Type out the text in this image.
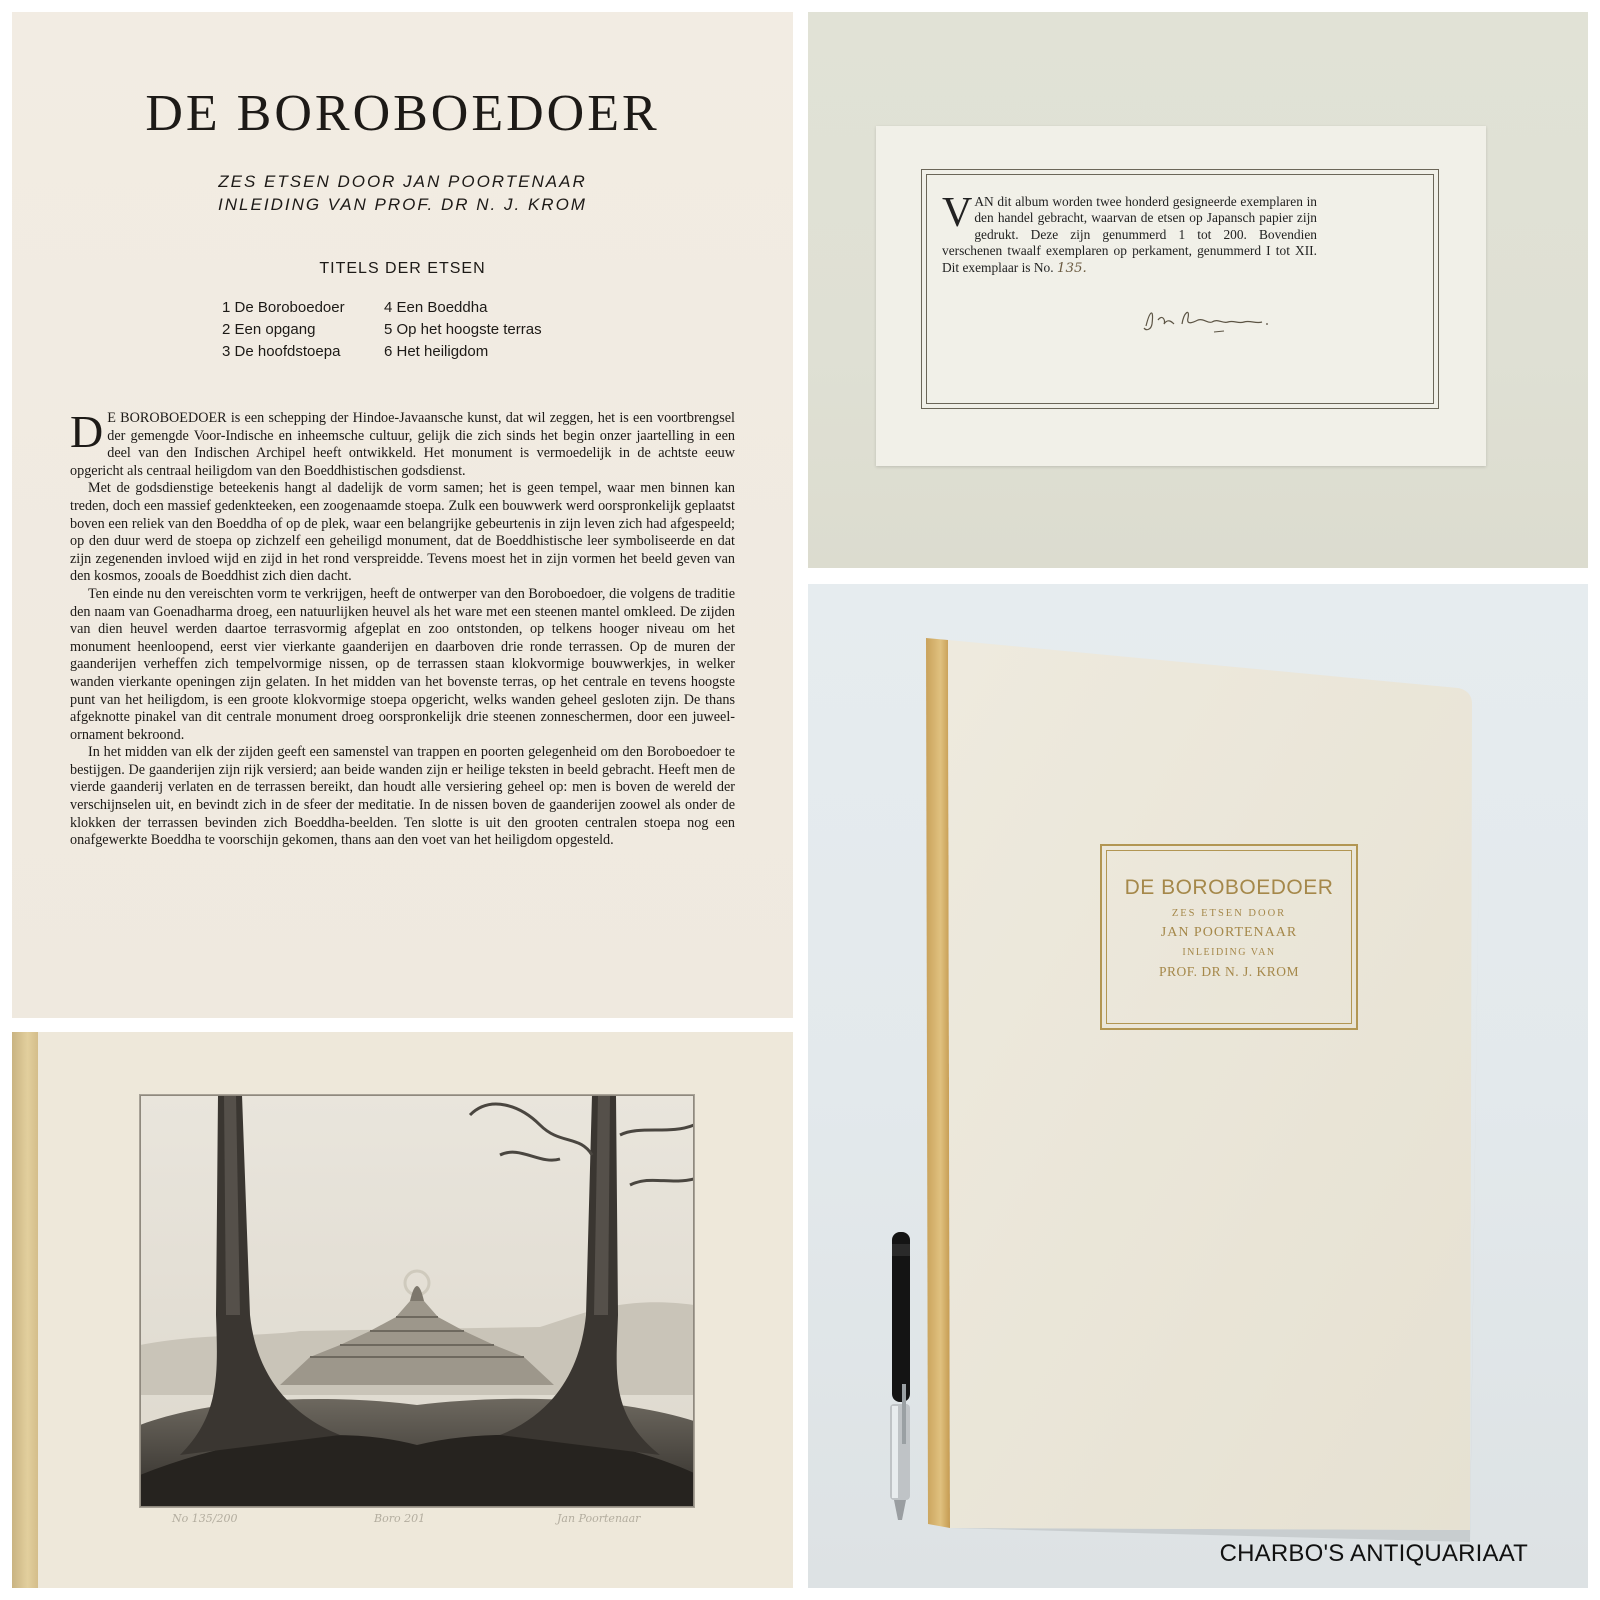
DE BOROBOEDOER
ZES ETSEN DOOR JAN POORTENAAR
INLEIDING VAN PROF. DR N. J. KROM
TITELS DER ETSEN
1 De Boroboedoer	4 Een Boeddha
2 Een opgang	5 Op het hoogste terras
3 De hoofdstoepa	6 Het heiligdom

D E BOROBOEDOER is een schepping der Hindoe-Javaansche kunst, dat wil zeggen, het is een voortbrengsel der gemengde Voor-Indische en inheemsche cultuur, gelijk die zich sinds het begin onzer jaartelling in een deel van den Indischen Archipel heeft ontwikkeld. Het monument is vermoedelijk in de achtste eeuw opgericht als centraal heiligdom van den Boeddhistischen godsdienst.

Met de godsdienstige beteekenis hangt al dadelijk de vorm samen; het is geen tempel, waar men binnen kan treden, doch een massief gedenkteeken, een zoogenaamde stoepa. Zulk een bouwwerk werd oorspronkelijk geplaatst boven een reliek van den Boeddha of op de plek, waar een belangrijke gebeurtenis in zijn leven zich had afgespeeld; op den duur werd de stoepa op zichzelf een geheiligd monument, dat de Boeddhistische leer symboliseerde en dat zijn zegenenden invloed wijd en zijd in het rond verspreidde. Tevens moest het in zijn vormen het beeld geven van den kosmos, zooals de Boeddhist zich dien dacht.

Ten einde nu den vereischten vorm te verkrijgen, heeft de ontwerper van den Boroboedoer, die volgens de traditie den naam van Goenadharma droeg, een natuurlijken heuvel als het ware met een steenen mantel omkleed. De zijden van dien heuvel werden daartoe terrasvormig afgeplat en zoo ontstonden, op telkens hooger niveau om het monument heenloopend, eerst vier vierkante gaanderijen en daarboven drie ronde terrassen. Op de muren der gaanderijen verheffen zich tempelvormige nissen, op de terrassen staan klokvormige bouwwerkjes, in welker wanden vierkante openingen zijn gelaten. In het midden van het bovenste terras, op het centrale en tevens hoogste punt van het heiligdom, is een groote klokvormige stoepa opgericht, welks wanden geheel gesloten zijn. De thans afgeknotte pinakel van dit centrale monument droeg oorspronkelijk drie steenen zonneschermen, door een juweel-ornament bekroond.

In het midden van elk der zijden geeft een samenstel van trappen en poorten gelegenheid om den Boroboedoer te bestijgen. De gaanderijen zijn rijk versierd; aan beide wanden zijn er heilige teksten in beeld gebracht. Heeft men de vierde gaanderij verlaten en de terrassen bereikt, dan houdt alle versiering geheel op: men is boven de wereld der verschijnselen uit, en bevindt zich in de sfeer der meditatie. In de nissen boven de gaanderijen zoowel als onder de klokken der terrassen bevinden zich Boeddha-beelden. Ten slotte is uit den grooten centralen stoepa nog een onafgewerkte Boeddha te voorschijn gekomen, thans aan den voet van het heiligdom opgesteld.

VAN dit album worden twee honderd gesigneerde exemplaren in den handel gebracht, waarvan de etsen op Japansch papier zijn gedrukt. Deze zijn genummerd 1 tot 200. Bovendien verschenen twaalf exemplaren op perkament, genummerd I tot XII. Dit exemplaar is No. 135.
No 135/200	Boro 201	Jan Poortenaar
DE BOROBOEDOER
ZES ETSEN DOOR
JAN POORTENAAR
INLEIDING VAN
PROF. DR N. J. KROM
CHARBO'S ANTIQUARIAAT
